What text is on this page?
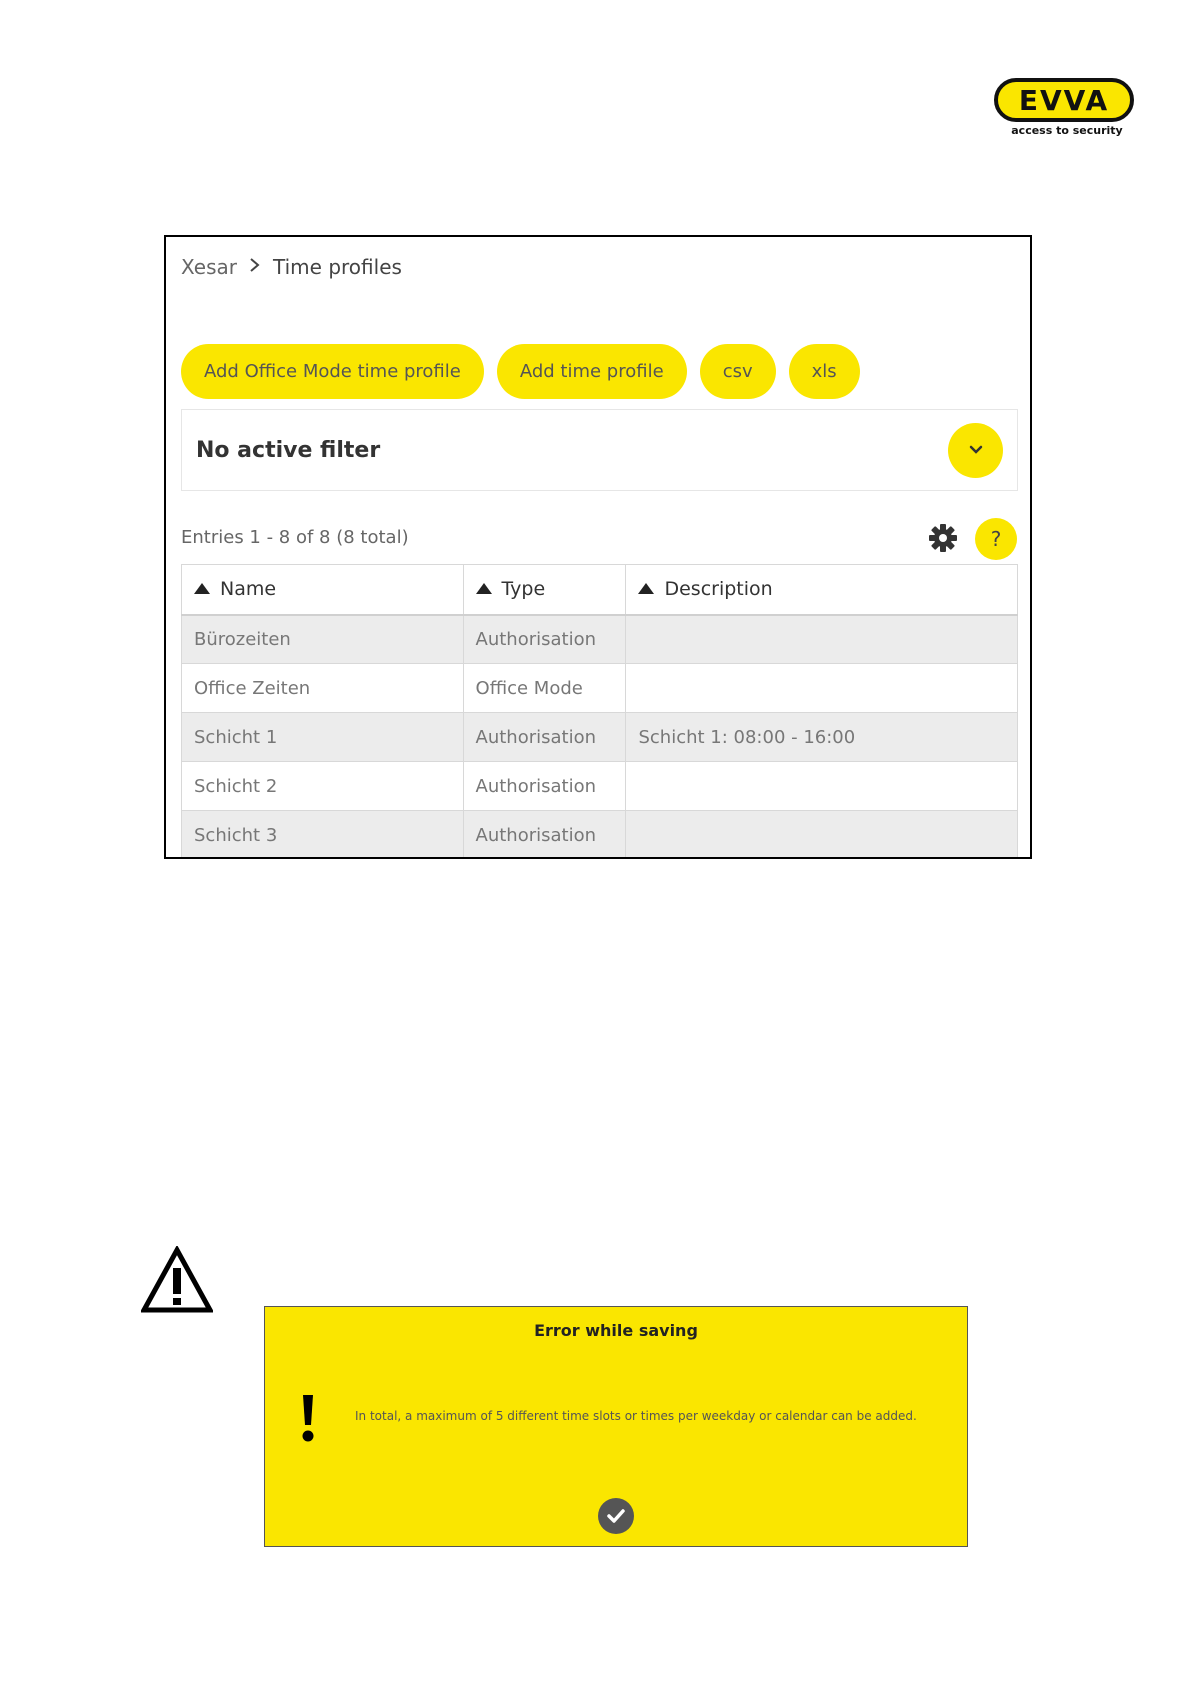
EVVA
access to security
Xesar Time profiles
Add Office Mode time profile	Add time profile	csv	xls
No active filter
Entries 1 - 8 of 8 (8 total)	?
Name	Type	Description
Bürozeiten	Authorisation	
Office Zeiten	Office Mode	
Schicht 1	Authorisation	Schicht 1: 08:00 - 16:00
Schicht 2	Authorisation	
Schicht 3	Authorisation	
Error while saving
In total, a maximum of 5 different time slots or times per weekday or calendar can be added.
